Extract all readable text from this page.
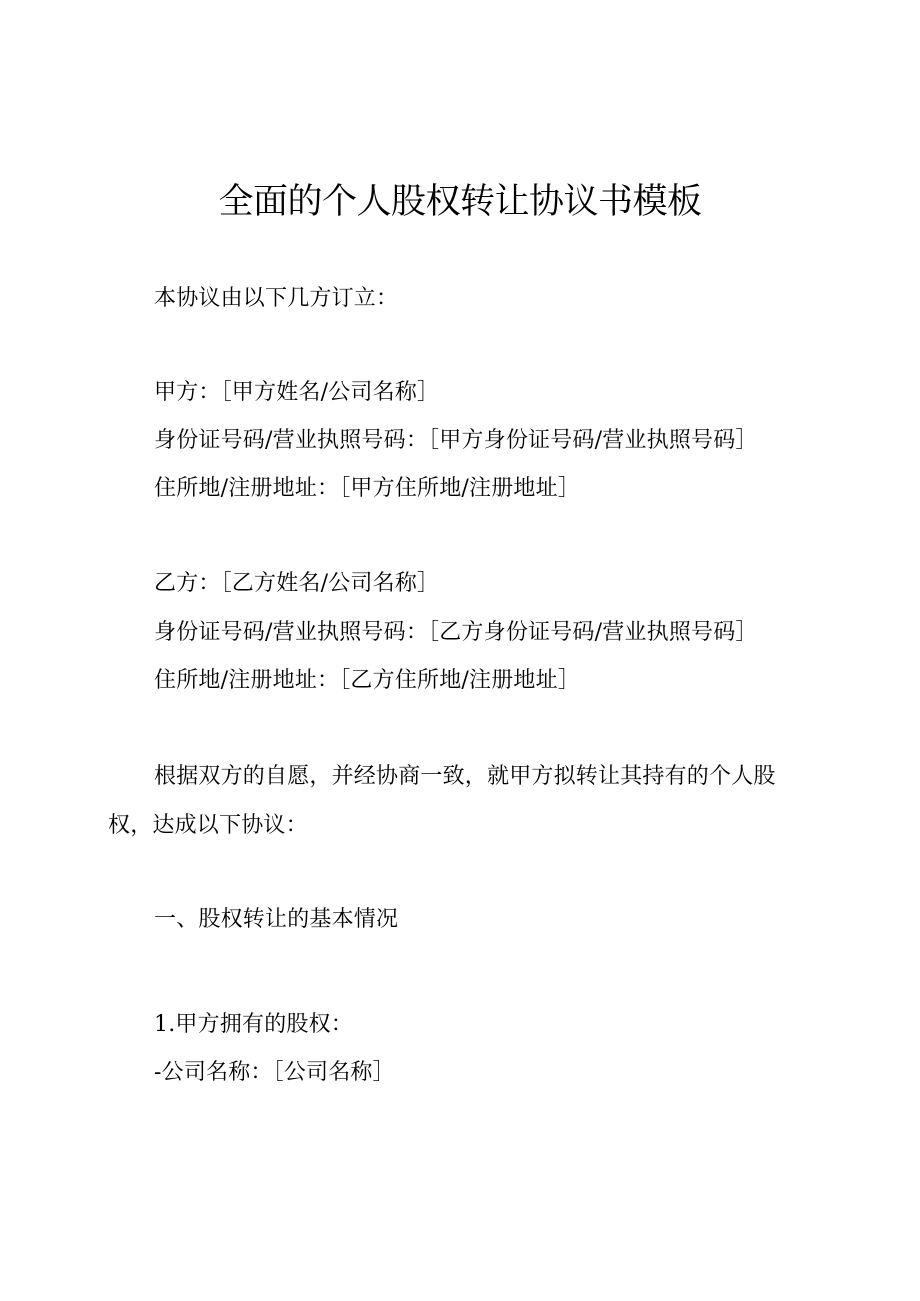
全面的个人股权转让协议书模板
本协议由以下几方订立：
甲方：［甲方姓名/公司名称］
身份证号码/营业执照号码：［甲方身份证号码/营业执照号码］
住所地/注册地址：［甲方住所地/注册地址］
乙方：［乙方姓名/公司名称］
身份证号码/营业执照号码：［乙方身份证号码/营业执照号码］
住所地/注册地址：［乙方住所地/注册地址］
根据双方的自愿，并经协商一致，就甲方拟转让其持有的个人股
权，达成以下协议：
一、股权转让的基本情况
1.甲方拥有的股权：
-公司名称：［公司名称］
